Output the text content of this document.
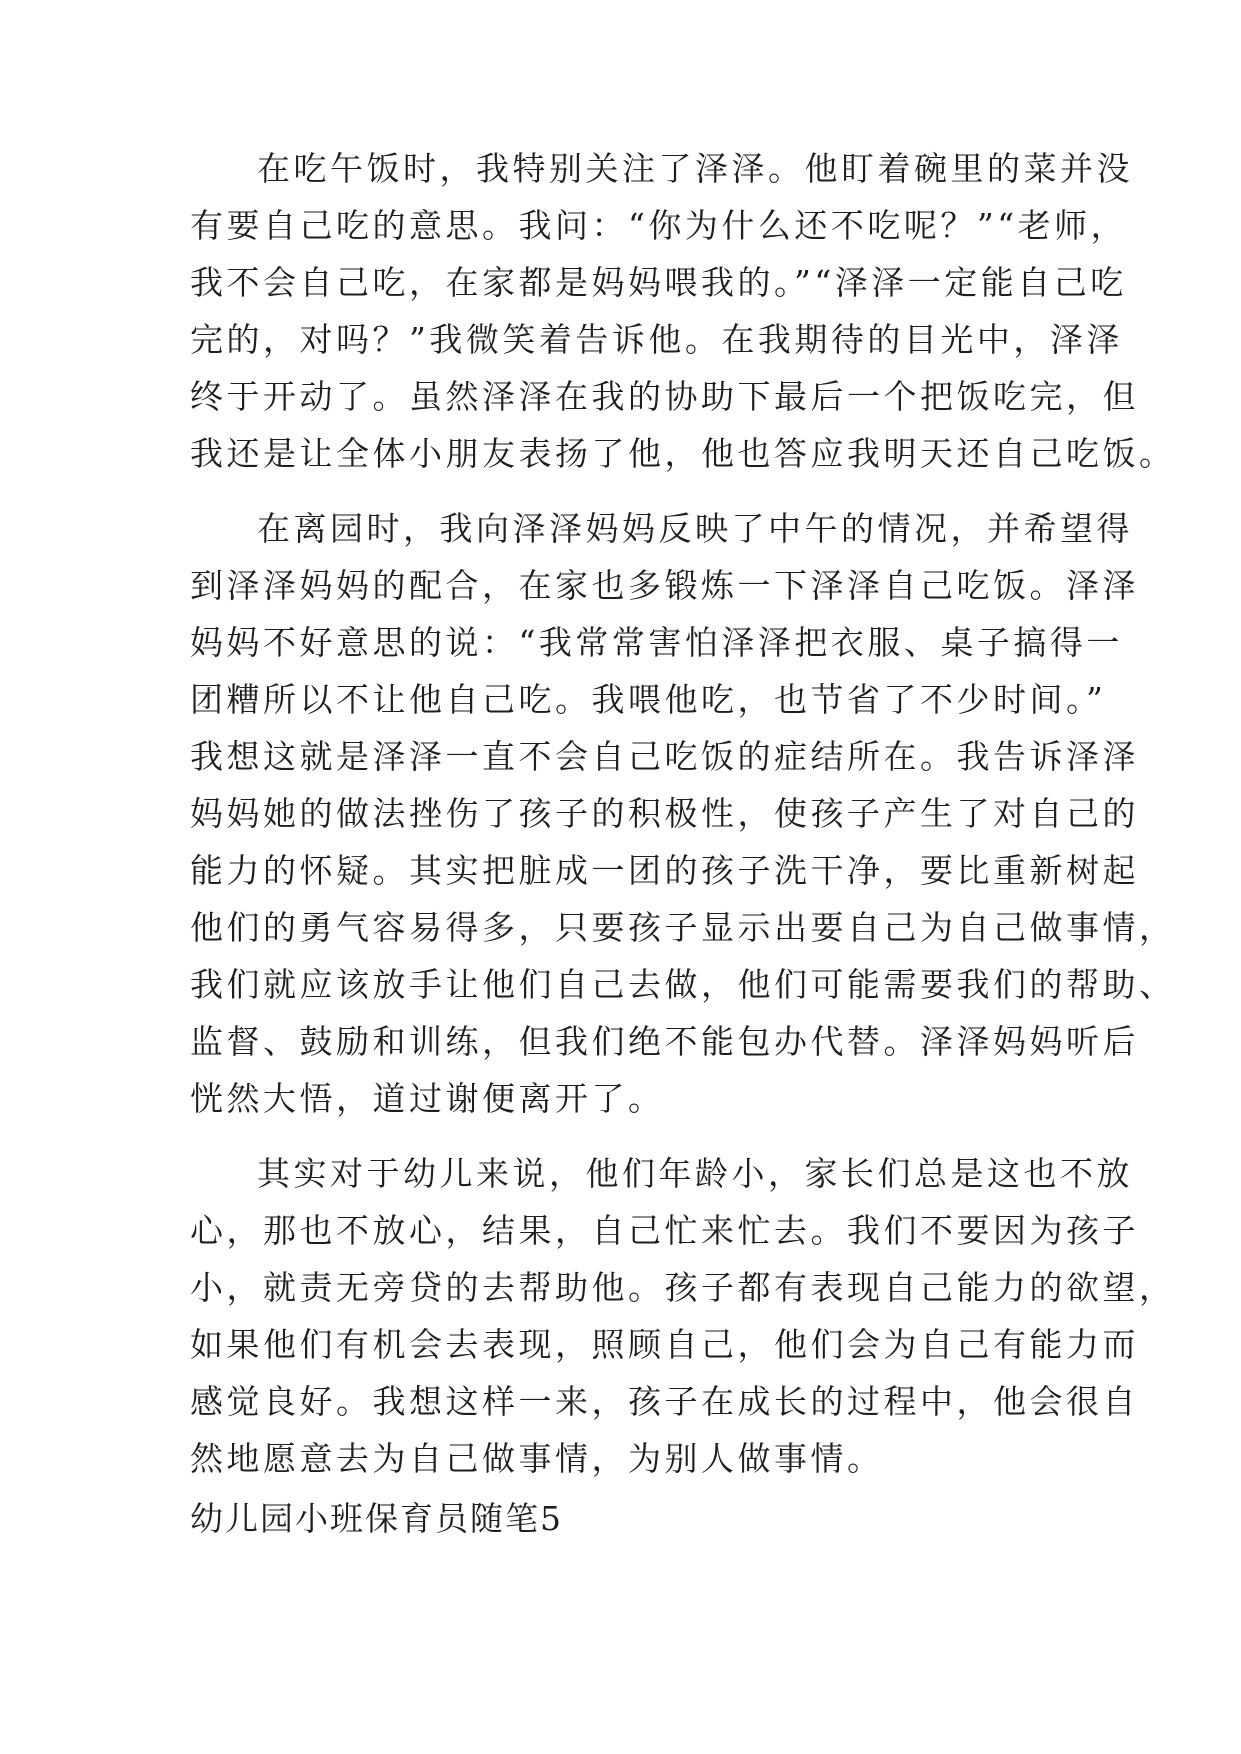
在吃午饭时，我特别关注了泽泽。他盯着碗里的菜并没
有要自己吃的意思。我问：“你为什么还不吃呢？”“老师，
我不会自己吃，在家都是妈妈喂我的。”“泽泽一定能自己吃
完的，对吗？”我微笑着告诉他。在我期待的目光中，泽泽
终于开动了。虽然泽泽在我的协助下最后一个把饭吃完，但
我还是让全体小朋友表扬了他，他也答应我明天还自己吃饭。
在离园时，我向泽泽妈妈反映了中午的情况，并希望得
到泽泽妈妈的配合，在家也多锻炼一下泽泽自己吃饭。泽泽
妈妈不好意思的说：“我常常害怕泽泽把衣服、桌子搞得一
团糟所以不让他自己吃。我喂他吃，也节省了不少时间。”
我想这就是泽泽一直不会自己吃饭的症结所在。我告诉泽泽
妈妈她的做法挫伤了孩子的积极性，使孩子产生了对自己的
能力的怀疑。其实把脏成一团的孩子洗干净，要比重新树起
他们的勇气容易得多，只要孩子显示出要自己为自己做事情，
我们就应该放手让他们自己去做，他们可能需要我们的帮助、
监督、鼓励和训练，但我们绝不能包办代替。泽泽妈妈听后
恍然大悟，道过谢便离开了。
其实对于幼儿来说，他们年龄小，家长们总是这也不放
心，那也不放心，结果，自己忙来忙去。我们不要因为孩子
小，就责无旁贷的去帮助他。孩子都有表现自己能力的欲望，
如果他们有机会去表现，照顾自己，他们会为自己有能力而
感觉良好。我想这样一来，孩子在成长的过程中，他会很自
然地愿意去为自己做事情，为别人做事情。
幼儿园小班保育员随笔5
